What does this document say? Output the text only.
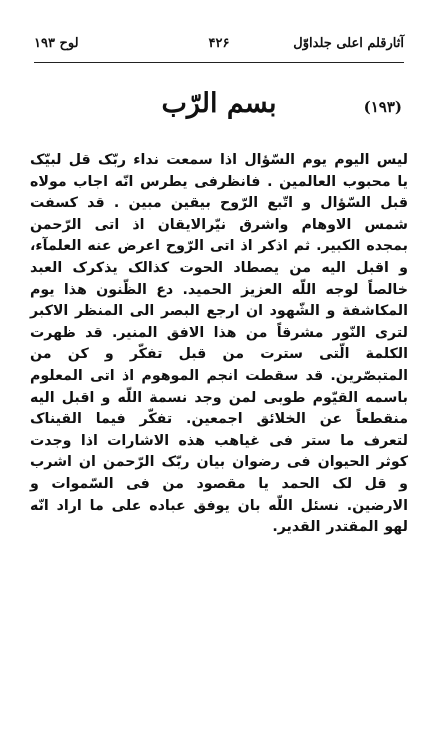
آثارقلم اعلی جلداوّل
۴۲۶
لوح ۱۹۳
(۱۹۳)
بسم الرّب
لیس الیوم یوم السّؤال اذا سمعت نداء ربّک قل لبیّک یا محبوب العالمین . فانظرفی یطرس انّه اجاب مولاه قبل السّؤال و اتّبع الرّوح بیقین مبین . قد کسفت شمس الاوهام واشرق نیّرالایقان اذ اتی الرّحمن بمجده الکبیر. ثم اذکر اذ اتی الرّوح اعرض عنه العلمآء، و اقبل الیه من یصطاد الحوت کذالک یذکرک العبد خالصاً لوجه اللّه العزیز الحمید. دع الظّنون هذا یوم المکاشفة و الشّهود ان ارجع البصر الی المنظر الاکبر لتری النّور مشرقاً من هذا الافق المنیر. قد ظهرت الکلمة الّتی سترت من قبل تفکّر و کن من المتبصّرین. قد سقطت انجم الموهوم اذ اتی المعلوم باسمه القیّوم طوبی لمن وجد نسمة اللّه و اقبل الیه منقطعاً عن الخلائق اجمعین. تفکّر فیما القیناک لتعرف ما ستر فی غیاهب هذه الاشارات اذا وجدت کوثر الحیوان فی رضوان بیان ربّک الرّحمن ان اشرب و قل لک الحمد یا مقصود من فی السّموات و الارضین. نسئل اللّه بان یوفق عباده علی ما اراد انّه لهو المقتدر القدیر.
